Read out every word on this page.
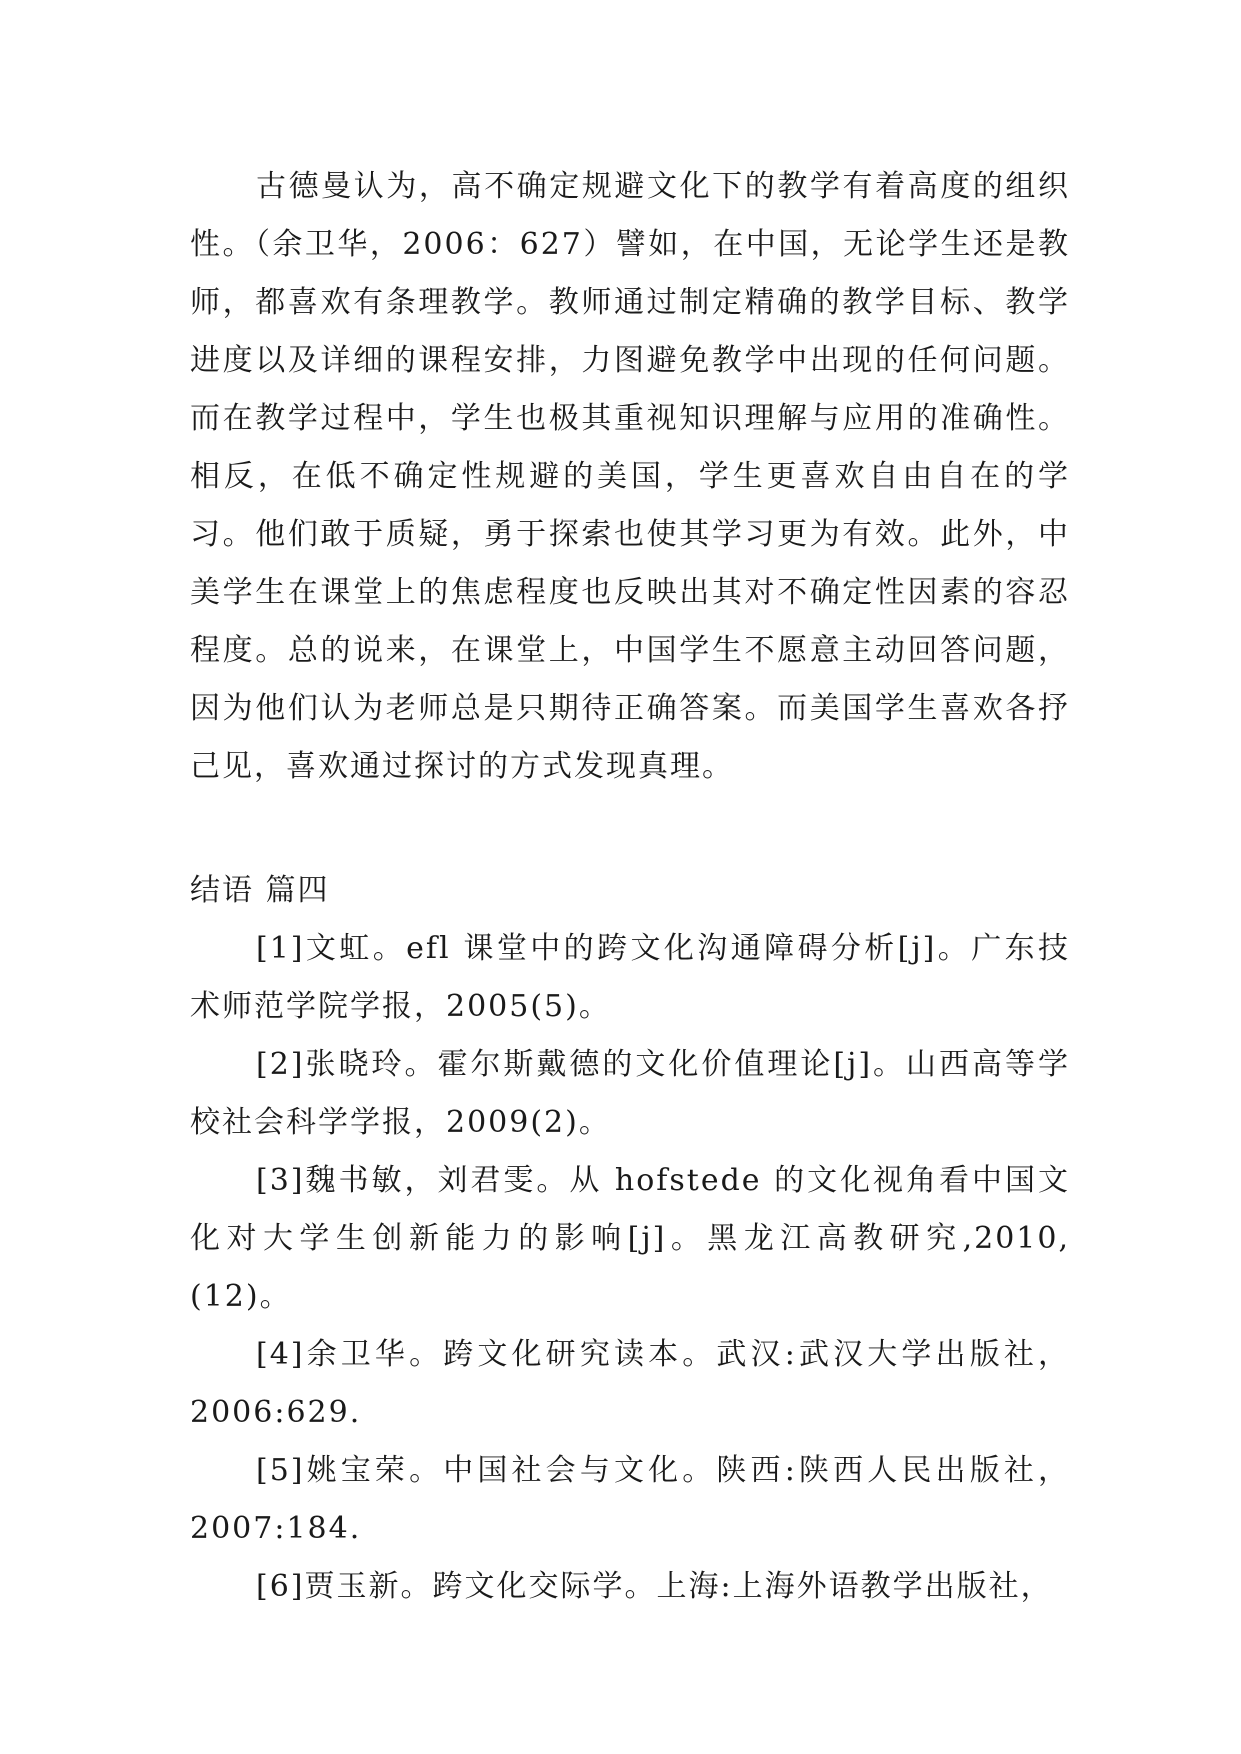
古德曼认为，高不确定规避文化下的教学有着高度的组织性。（余卫华，2006：627）譬如，在中国，无论学生还是教师，都喜欢有条理教学。教师通过制定精确的教学目标、教学进度以及详细的课程安排，力图避免教学中出现的任何问题。而在教学过程中，学生也极其重视知识理解与应用的准确性。相反，在低不确定性规避的美国，学生更喜欢自由自在的学习。他们敢于质疑，勇于探索也使其学习更为有效。此外，中美学生在课堂上的焦虑程度也反映出其对不确定性因素的容忍程度。总的说来，在课堂上，中国学生不愿意主动回答问题，因为他们认为老师总是只期待正确答案。而美国学生喜欢各抒己见，喜欢通过探讨的方式发现真理。

结语 篇四

[1]文虹。efl 课堂中的跨文化沟通障碍分析[j]。广东技术师范学院学报，2005(5)。

[2]张晓玲。霍尔斯戴德的文化价值理论[j]。山西高等学校社会科学学报，2009(2)。

[3]魏书敏，刘君雯。从 hofstede 的文化视角看中国文化对大学生创新能力的影响[j]。黑龙江高教研究,2010,(12)。

[4]余卫华。跨文化研究读本。武汉:武汉大学出版社，2006:629.

[5]姚宝荣。中国社会与文化。陕西:陕西人民出版社，2007:184.

[6]贾玉新。跨文化交际学。上海:上海外语教学出版社，
